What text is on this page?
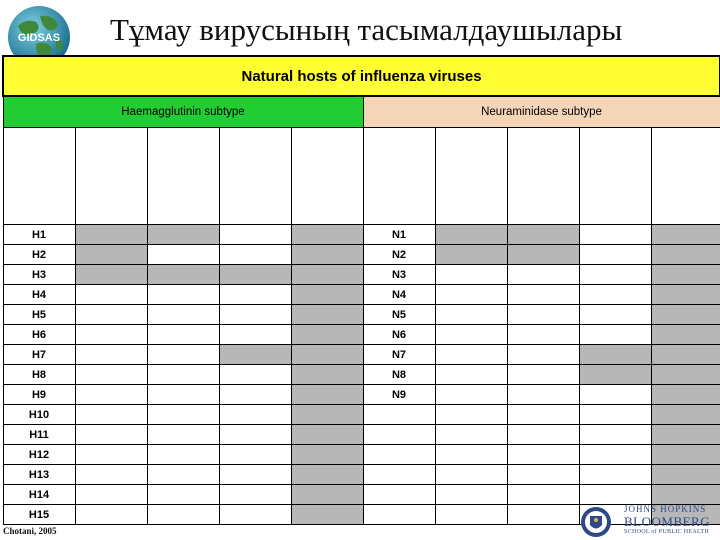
GIDSAS Тұмау вирусының тасымалдаушылары
Natural hosts of influenza viruses									
Haemagglutinin subtype					Neuraminidase subtype				

H1					N1				
H2					N2				
H3					N3				
H4					N4				
H5					N5				
H6					N6				
H7					N7				
H8					N8				
H9					N9				
H10									
H11									
H12									
H13									
H14									
H15									
Chotani, 2005
JOHNS HOPKINS
BLOOMBERG
SCHOOL of PUBLIC HEALTH
